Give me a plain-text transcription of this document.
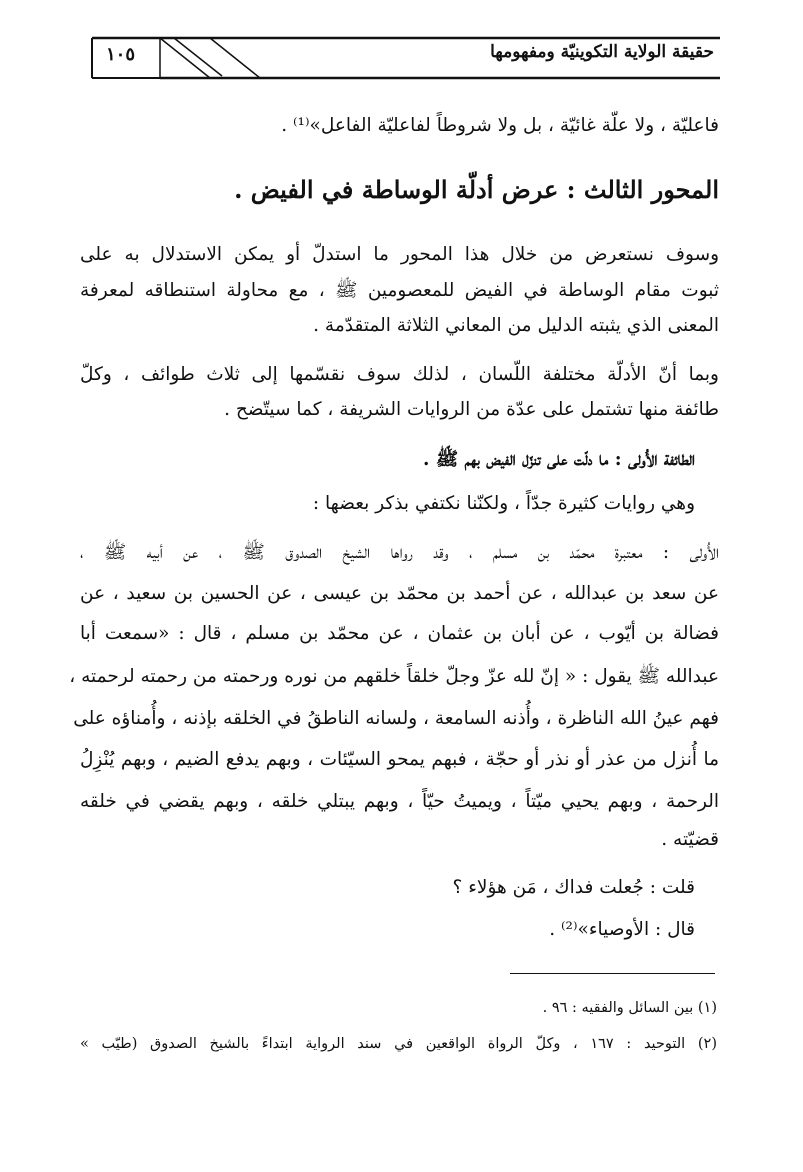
١٠٥	حقيقة الولاية التكوينيّة ومفهومها
فاعليّة ، ولا علّة غائيّة ، بل ولا شروطاً لفاعليّة الفاعل»⁽¹⁾ .
المحور الثالث : عرض أدلّة الوساطة في الفيض .
وسوف نستعرض من خلال هذا المحور ما استدلّ أو يمكن الاستدلال به على
ثبوت مقام الوساطة في الفيض للمعصومين ﷺ ، مع محاولة استنطاقه لمعرفة
المعنى الذي يثبته الدليل من المعاني الثلاثة المتقدّمة .
وبما أنّ الأدلّة مختلفة اللّسان ، لذلك سوف نقسّمها إلى ثلاث طوائف ، وكلّ
طائفة منها تشتمل على عدّة من الروايات الشريفة ، كما سيتّضح .
الطائفة الأُولى : ما دلّت على تنزّل الفيض بهم ﷺ .
وهي روايات كثيرة جدّاً ، ولكنّنا نكتفي بذكر بعضها :
الأُولى : معتبرة محمّد بن مسلم ، وقد رواها الشيخ الصدوق ﷺ ، عن أبيه ﷺ ،
عن سعد بن عبدالله ، عن أحمد بن محمّد بن عيسى ، عن الحسين بن سعيد ، عن
فضالة بن أيّوب ، عن أبان بن عثمان ، عن محمّد بن مسلم ، قال : «سمعت أبا
عبدالله ﷺ يقول : « إنّ لله عزّ وجلّ خلقاً خلقهم من نوره ورحمته من رحمته لرحمته ،
فهم عينُ الله الناظرة ، وأُذنه السامعة ، ولسانه الناطقُ في الخلقه بإذنه ، وأُمناؤه على
ما أُنزل من عذر أو نذر أو حجّة ، فبهم يمحو السيّئات ، وبهم يدفع الضيم ، وبهم يُنْزِلُ
الرحمة ، وبهم يحيي ميّتاً ، ويميتُ حيّاً ، وبهم يبتلي خلقه ، وبهم يقضي في خلقه
قضيّته .
قلت : جُعلت فداك ، مَن هؤلاء ؟
قال : الأوصياء»⁽²⁾ .
(١) بين السائل والفقيه : ٩٦ .
(٢) التوحيد : ١٦٧ ، وكلّ الرواة الواقعين في سند الرواية ابتداءً بالشيخ الصدوق (طيّب »
